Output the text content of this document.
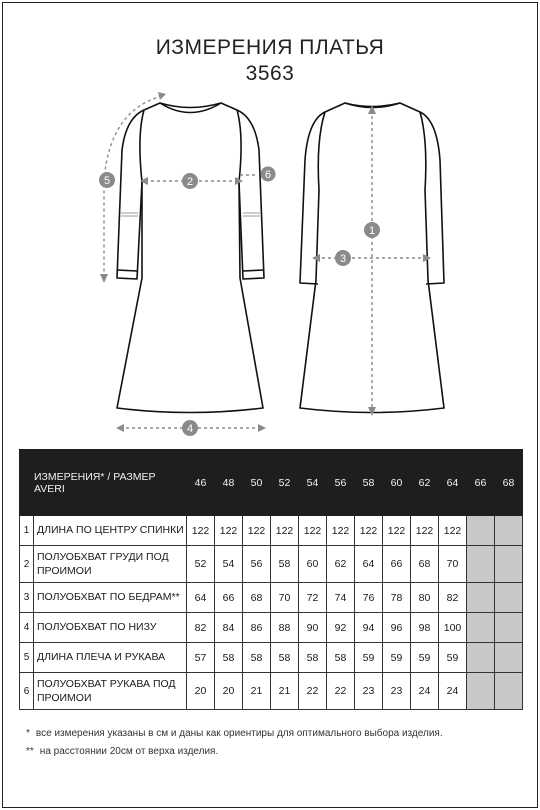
ИЗМЕРЕНИЯ ПЛАТЬЯ
3563
5	2
6
4
1
3
ИЗМЕРЕНИЯ* / РАЗМЕР AVERI		46	48	50	52	54	56	58	60	62	64	66	68
1	ДЛИНА ПО ЦЕНТРУ СПИНКИ	122	122	122	122	122	122	122	122	122	122		
2	ПОЛУОБХВАТ ГРУДИ ПОД ПРОИМОИ	52	54	56	58	60	62	64	66	68	70		
3	ПОЛУОБХВАТ ПО БЕДРАМ**	64	66	68	70	72	74	76	78	80	82		
4	ПОЛУОБХВАТ ПО НИЗУ	82	84	86	88	90	92	94	96	98	100		
5	ДЛИНА ПЛЕЧА И РУКАВА	57	58	58	58	58	58	59	59	59	59		
6	ПОЛУОБХВАТ РУКАВА ПОД ПРОИМОИ	20	20	21	21	22	22	23	23	24	24		
* все измерения указаны в см и даны как ориентиры для оптимального выбора изделия.
** на расстоянии 20см от верха изделия.
